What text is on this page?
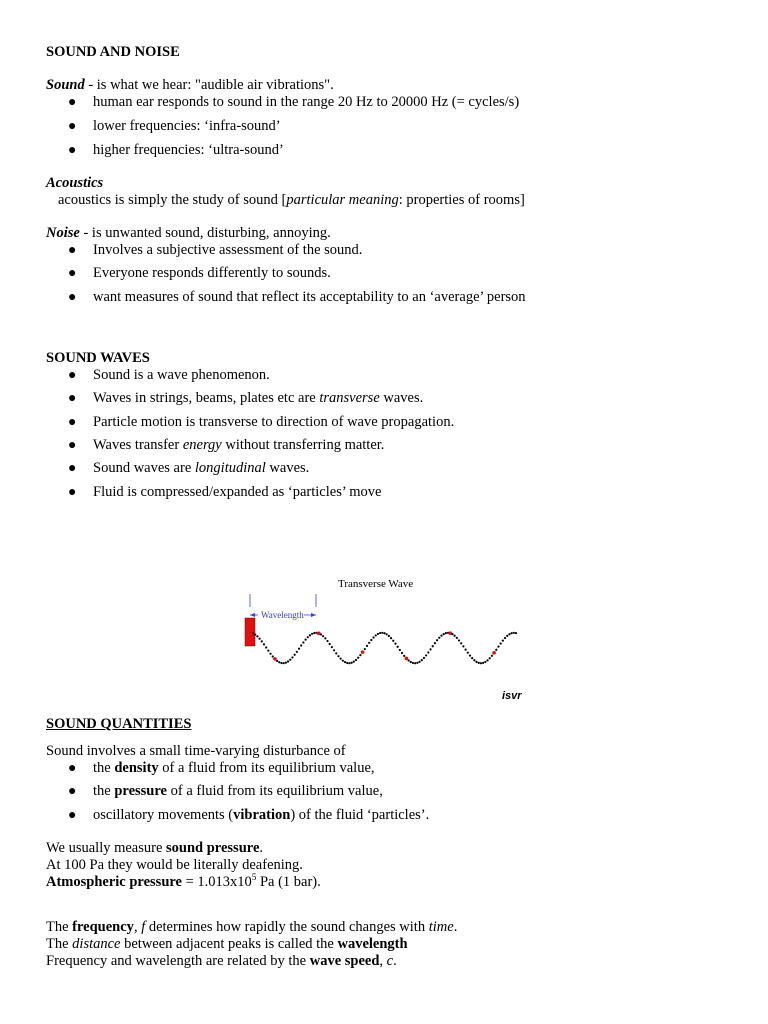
SOUND AND NOISE
Sound - is what we hear: "audible air vibrations".
● human ear responds to sound in the range 20 Hz to 20000 Hz (= cycles/s)
● lower frequencies: ‘infra-sound’
● higher frequencies: ‘ultra-sound’
Acoustics
acoustics is simply the study of sound [particular meaning: properties of rooms]
Noise - is unwanted sound, disturbing, annoying.
● Involves a subjective assessment of the sound.
● Everyone responds differently to sounds.
● want measures of sound that reflect its acceptability to an ‘average’ person
SOUND WAVES
● Sound is a wave phenomenon.
● Waves in strings, beams, plates etc are transverse waves.
● Particle motion is transverse to direction of wave propagation.
● Waves transfer energy without transferring matter.
● Sound waves are longitudinal waves.
● Fluid is compressed/expanded as ‘particles’ move
Transverse Wave
Wavelength
isvr
SOUND QUANTITIES
Sound involves a small time-varying disturbance of
● the density of a fluid from its equilibrium value,
● the pressure of a fluid from its equilibrium value,
● oscillatory movements (vibration) of the fluid ‘particles’.
We usually measure sound pressure.
At 100 Pa they would be literally deafening.
Atmospheric pressure = $1.013x10^5$ Pa (1 bar).
The frequency, f determines how rapidly the sound changes with time.
The distance between adjacent peaks is called the wavelength
Frequency and wavelength are related by the wave speed, c.
